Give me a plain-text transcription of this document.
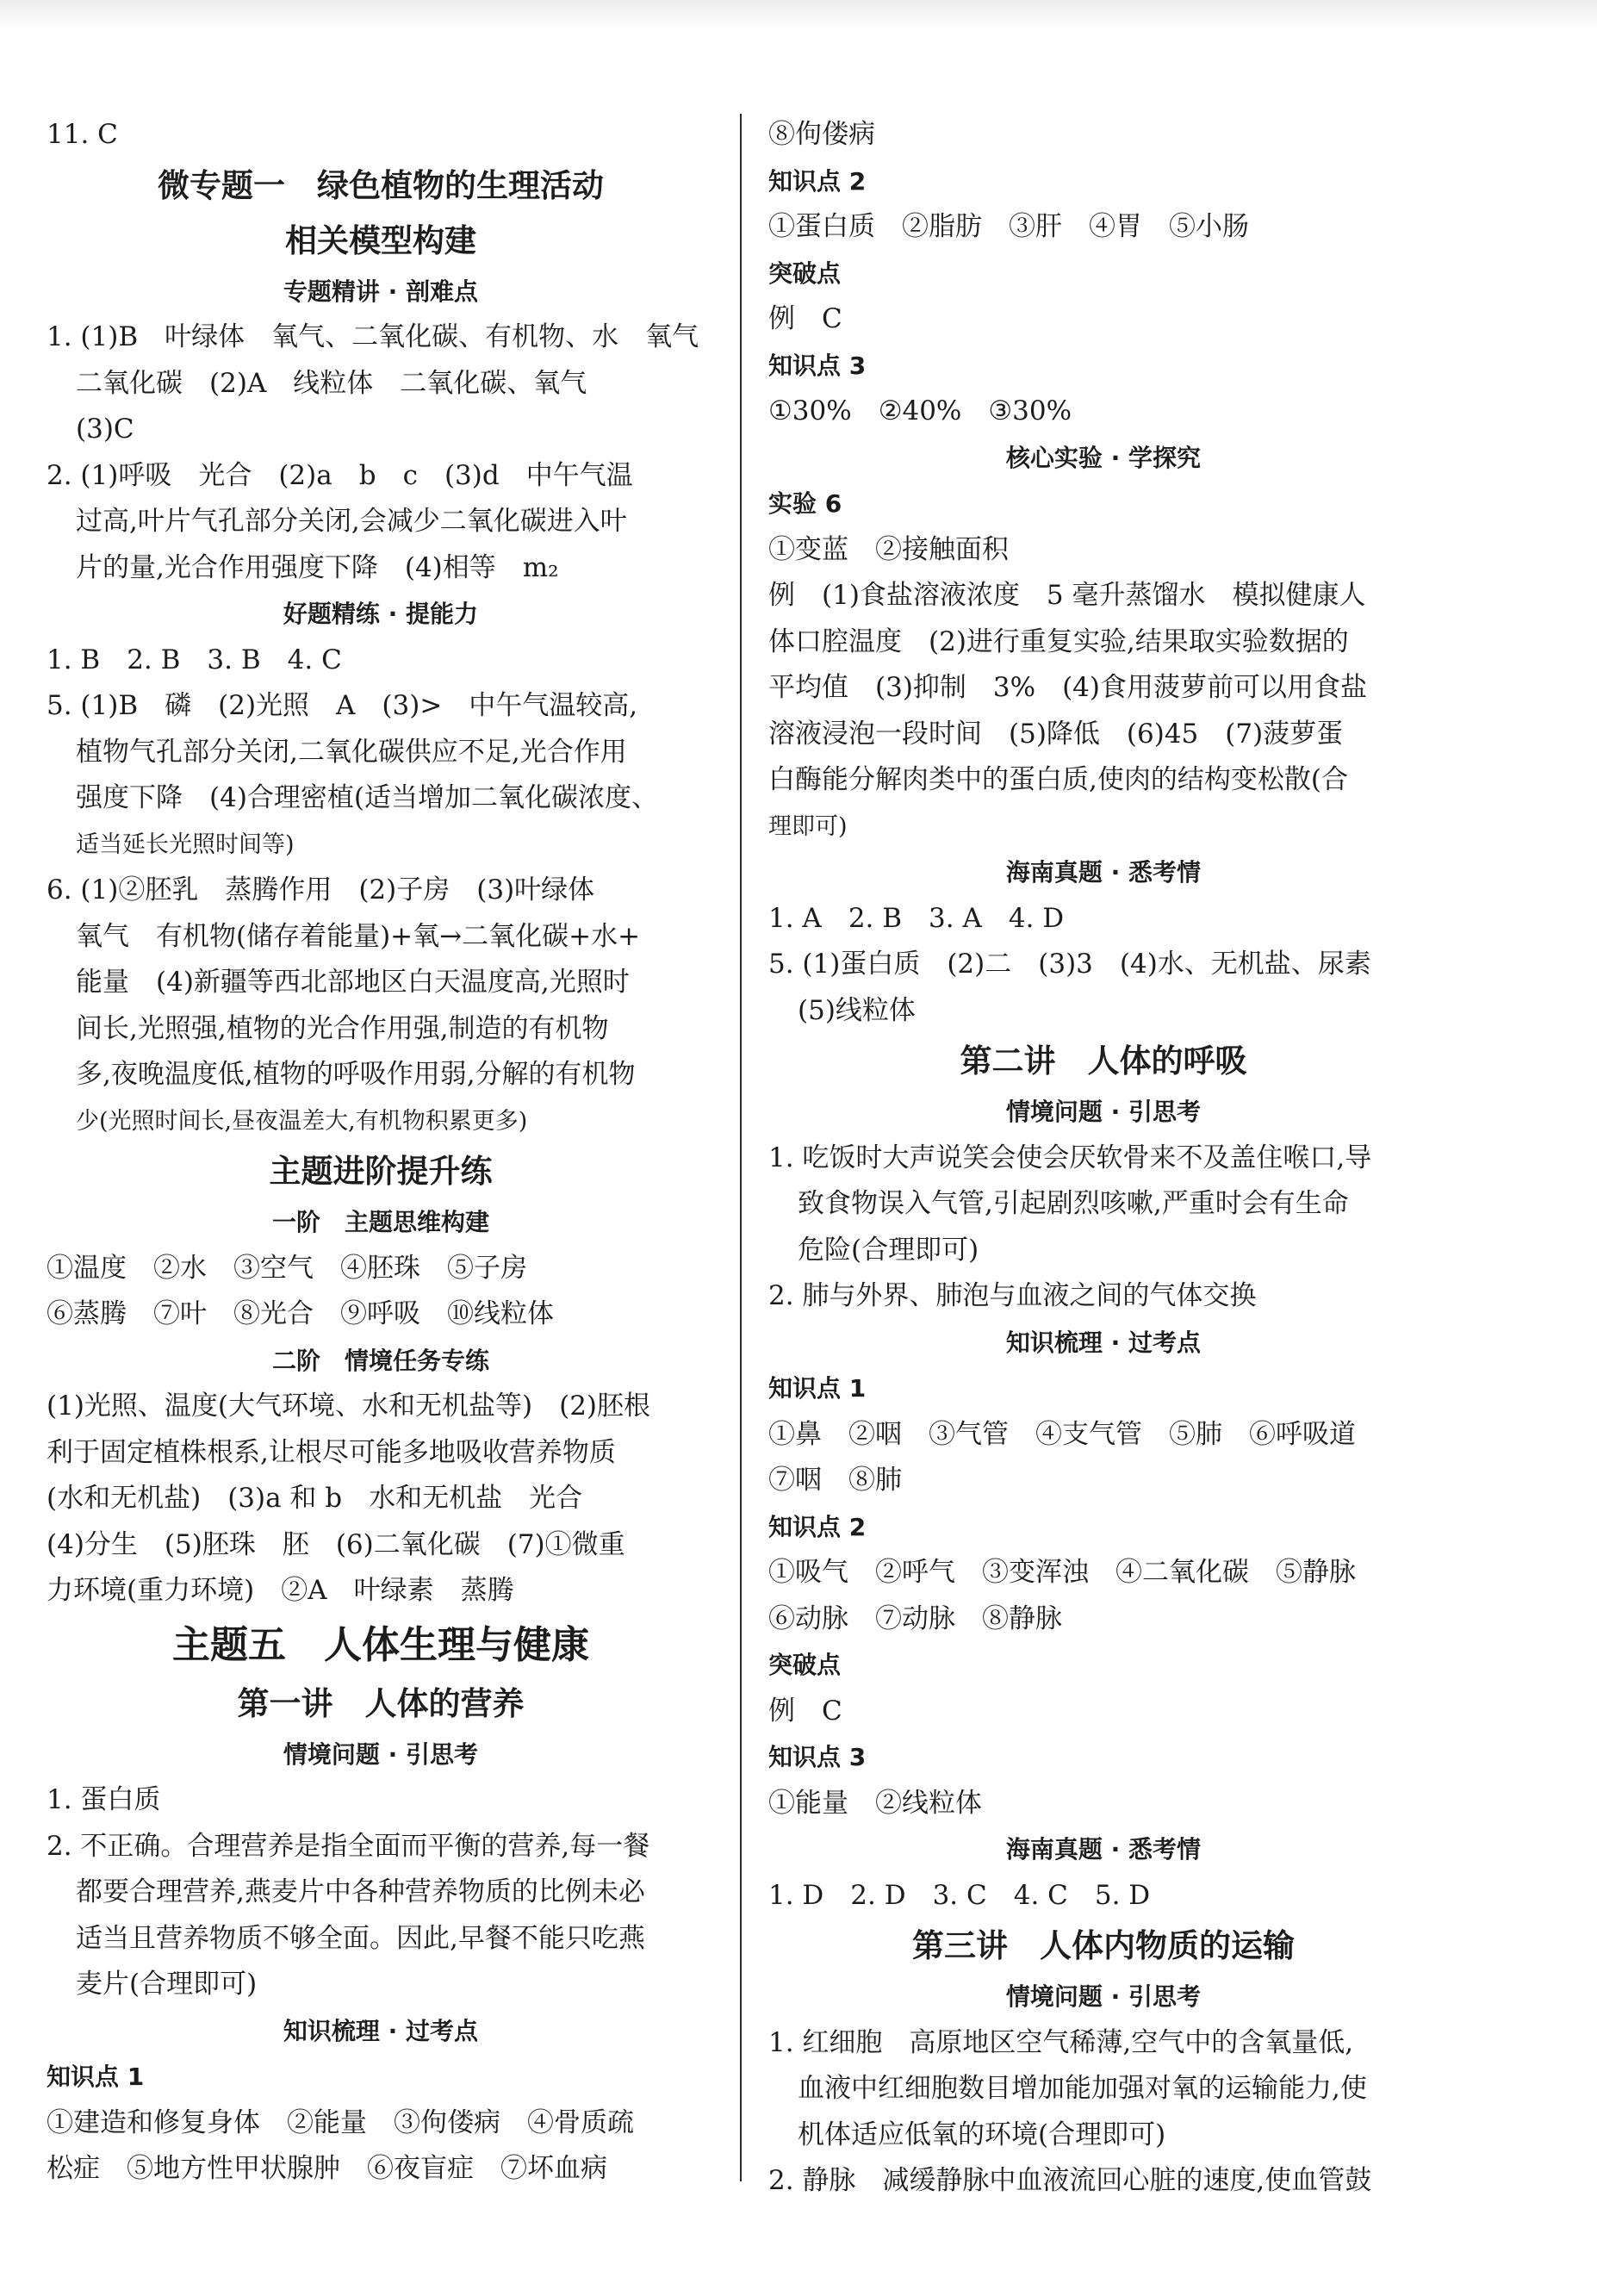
11. C
微专题一　绿色植物的生理活动
相关模型构建
专题精讲 · 剖难点
1. (1)B　叶绿体　氧气、二氧化碳、有机物、水　氧气
二氧化碳　(2)A　线粒体　二氧化碳、氧气
(3)C
2. (1)呼吸　光合　(2)a　b　c　(3)d　中午气温
过高,叶片气孔部分关闭,会减少二氧化碳进入叶
片的量,光合作用强度下降　(4)相等　m₂
好题精练 · 提能力
1. B　2. B　3. B　4. C
5. (1)B　磷　(2)光照　A　(3)>　中午气温较高,
植物气孔部分关闭,二氧化碳供应不足,光合作用
强度下降　(4)合理密植(适当增加二氧化碳浓度、
适当延长光照时间等)
6. (1)②胚乳　蒸腾作用　(2)子房　(3)叶绿体
氧气　有机物(储存着能量)+氧→二氧化碳+水+
能量　(4)新疆等西北部地区白天温度高,光照时
间长,光照强,植物的光合作用强,制造的有机物
多,夜晚温度低,植物的呼吸作用弱,分解的有机物
少(光照时间长,昼夜温差大,有机物积累更多)
主题进阶提升练
一阶　主题思维构建
①温度　②水　③空气　④胚珠　⑤子房
⑥蒸腾　⑦叶　⑧光合　⑨呼吸　⑩线粒体
二阶　情境任务专练
(1)光照、温度(大气环境、水和无机盐等)　(2)胚根
利于固定植株根系,让根尽可能多地吸收营养物质
(水和无机盐)　(3)a 和 b　水和无机盐　光合
(4)分生　(5)胚珠　胚　(6)二氧化碳　(7)①微重
力环境(重力环境)　②A　叶绿素　蒸腾
主题五　人体生理与健康
第一讲　人体的营养
情境问题 · 引思考
1. 蛋白质
2. 不正确。合理营养是指全面而平衡的营养,每一餐
都要合理营养,燕麦片中各种营养物质的比例未必
适当且营养物质不够全面。因此,早餐不能只吃燕
麦片(合理即可)
知识梳理 · 过考点
知识点 1
①建造和修复身体　②能量　③佝偻病　④骨质疏
松症　⑤地方性甲状腺肿　⑥夜盲症　⑦坏血病
⑧佝偻病
知识点 2
①蛋白质　②脂肪　③肝　④胃　⑤小肠
突破点
例　C
知识点 3
①30%　②40%　③30%
核心实验 · 学探究
实验 6
①变蓝　②接触面积
例　(1)食盐溶液浓度　5 毫升蒸馏水　模拟健康人
体口腔温度　(2)进行重复实验,结果取实验数据的
平均值　(3)抑制　3%　(4)食用菠萝前可以用食盐
溶液浸泡一段时间　(5)降低　(6)45　(7)菠萝蛋
白酶能分解肉类中的蛋白质,使肉的结构变松散(合
理即可)
海南真题 · 悉考情
1. A　2. B　3. A　4. D
5. (1)蛋白质　(2)二　(3)3　(4)水、无机盐、尿素
(5)线粒体
第二讲　人体的呼吸
情境问题 · 引思考
1. 吃饭时大声说笑会使会厌软骨来不及盖住喉口,导
致食物误入气管,引起剧烈咳嗽,严重时会有生命
危险(合理即可)
2. 肺与外界、肺泡与血液之间的气体交换
知识梳理 · 过考点
知识点 1
①鼻　②咽　③气管　④支气管　⑤肺　⑥呼吸道
⑦咽　⑧肺
知识点 2
①吸气　②呼气　③变浑浊　④二氧化碳　⑤静脉
⑥动脉　⑦动脉　⑧静脉
突破点
例　C
知识点 3
①能量　②线粒体
海南真题 · 悉考情
1. D　2. D　3. C　4. C　5. D
第三讲　人体内物质的运输
情境问题 · 引思考
1. 红细胞　高原地区空气稀薄,空气中的含氧量低,
血液中红细胞数目增加能加强对氧的运输能力,使
机体适应低氧的环境(合理即可)
2. 静脉　减缓静脉中血液流回心脏的速度,使血管鼓
